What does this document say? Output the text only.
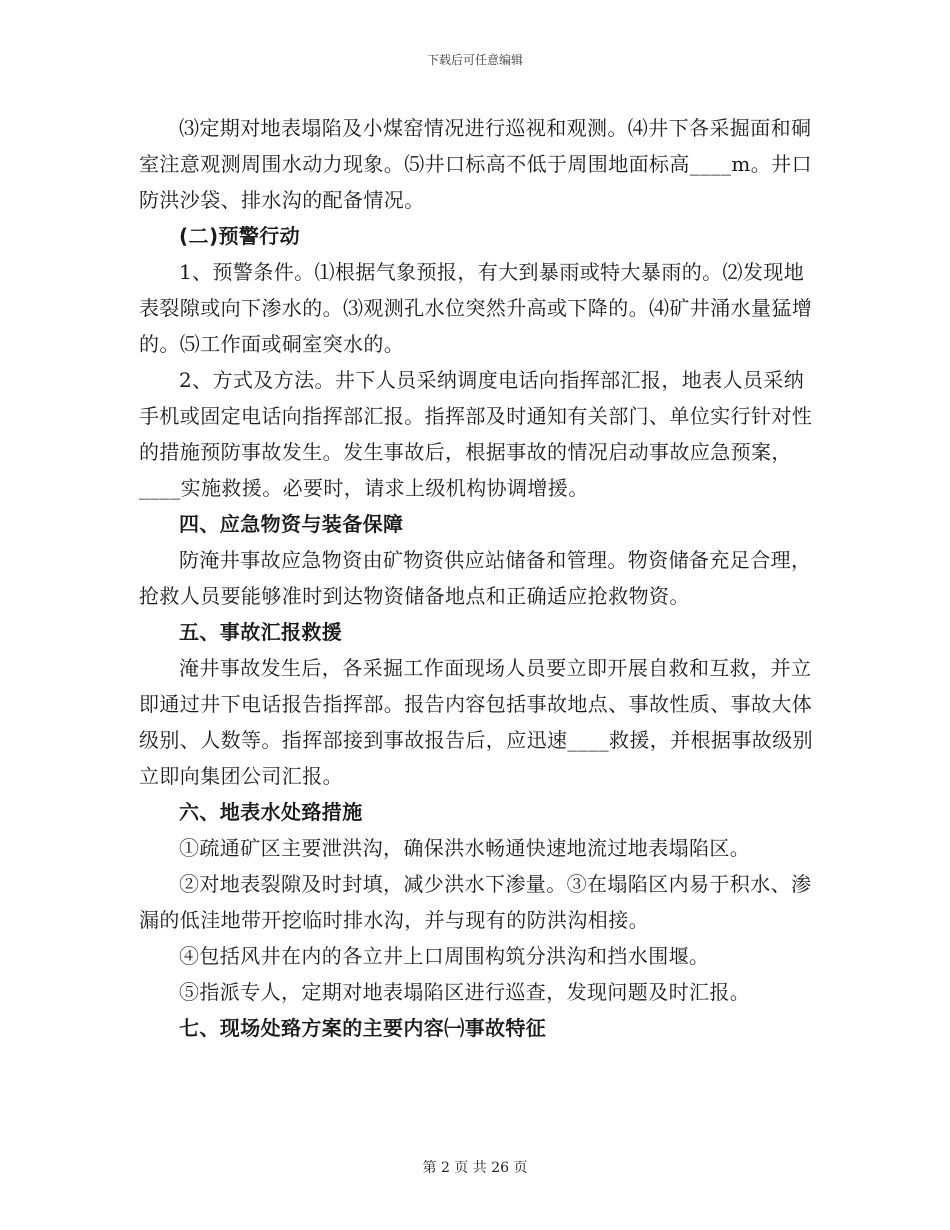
下载后可任意编辑

⑶定期对地表塌陷及小煤窑情况进行巡视和观测。⑷井下各采掘面和硐室注意观测周围水动力现象。⑸井口标高不低于周围地面标高____m。井口防洪沙袋、排水沟的配备情况。

(二)预警行动

1、预警条件。⑴根据气象预报，有大到暴雨或特大暴雨的。⑵发现地表裂隙或向下渗水的。⑶观测孔水位突然升高或下降的。⑷矿井涌水量猛增的。⑸工作面或硐室突水的。

2、方式及方法。井下人员采纳调度电话向指挥部汇报，地表人员采纳手机或固定电话向指挥部汇报。指挥部及时通知有关部门、单位实行针对性的措施预防事故发生。发生事故后，根据事故的情况启动事故应急预案，____实施救援。必要时，请求上级机构协调增援。

四、应急物资与装备保障

防淹井事故应急物资由矿物资供应站储备和管理。物资储备充足合理，抢救人员要能够准时到达物资储备地点和正确适应抢救物资。

五、事故汇报救援

淹井事故发生后，各采掘工作面现场人员要立即开展自救和互救，并立即通过井下电话报告指挥部。报告内容包括事故地点、事故性质、事故大体级别、人数等。指挥部接到事故报告后，应迅速____救援，并根据事故级别立即向集团公司汇报。

六、地表水处臵措施

①疏通矿区主要泄洪沟，确保洪水畅通快速地流过地表塌陷区。

②对地表裂隙及时封填，减少洪水下渗量。③在塌陷区内易于积水、渗漏的低洼地带开挖临时排水沟，并与现有的防洪沟相接。

④包括风井在内的各立井上口周围构筑分洪沟和挡水围堰。

⑤指派专人，定期对地表塌陷区进行巡查，发现问题及时汇报。

七、现场处臵方案的主要内容㈠事故特征

第 2 页 共 26 页
